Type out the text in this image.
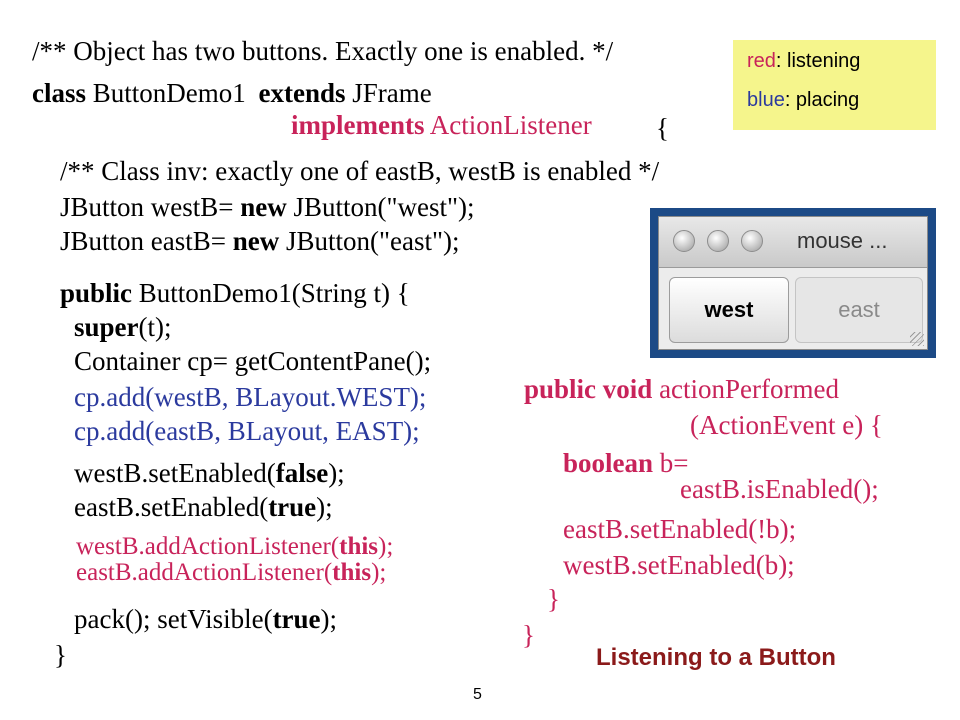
/** Object has two buttons. Exactly one is enabled. */
class ButtonDemo1 extends JFrame
implements ActionListener {
/** Class inv: exactly one of eastB, westB is enabled */
JButton westB= new JButton("west");
JButton eastB= new JButton("east");
public ButtonDemo1(String t) {
super(t);
Container cp= getContentPane();
cp.add(westB, BLayout.WEST);
cp.add(eastB, BLayout, EAST);
westB.setEnabled(false);
eastB.setEnabled(true);
westB.addActionListener(this);
eastB.addActionListener(this);
pack(); setVisible(true);
}
public void actionPerformed
(ActionEvent e) {
boolean b=
eastB.isEnabled();
eastB.setEnabled(!b);
westB.setEnabled(b);
}
}
red: listening
blue: placing
mouse ...
west	east
Listening to a Button
5
